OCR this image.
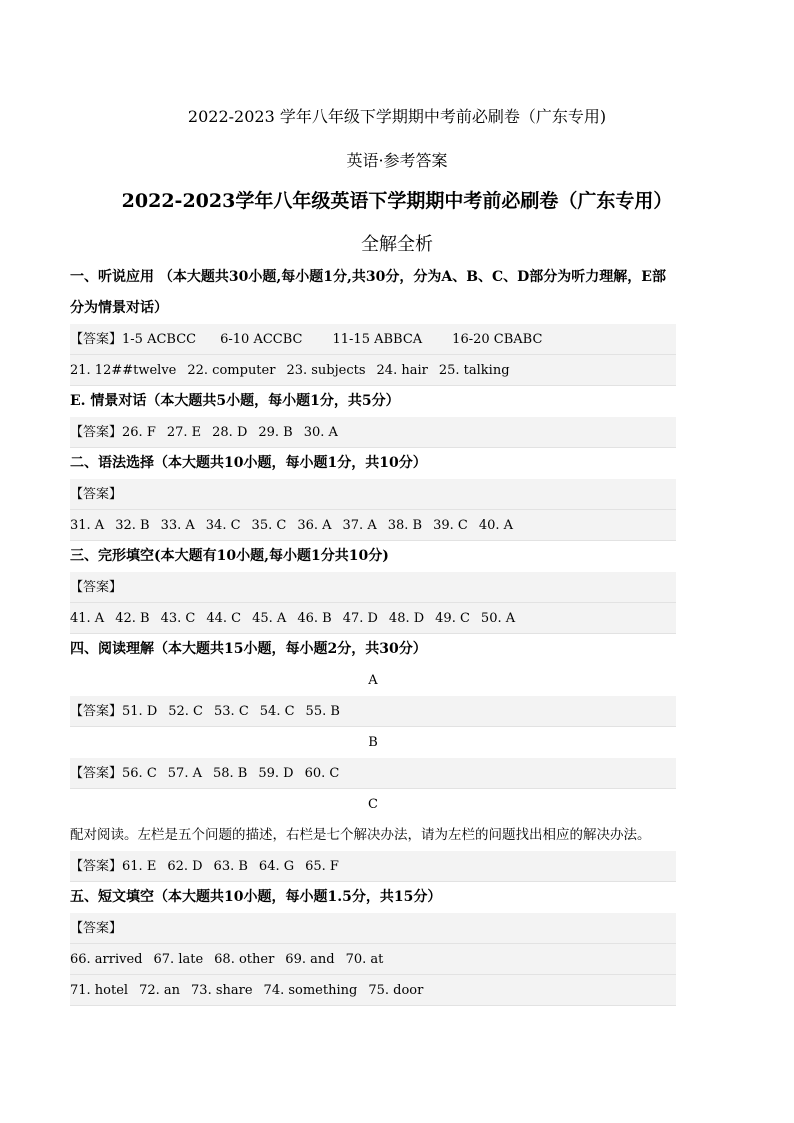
2022-2023 学年八年级下学期期中考前必刷卷（广东专用)
英语·参考答案
2022-2023学年八年级英语下学期期中考前必刷卷（广东专用）
全解全析
一、听说应用 （本大题共30小题,每小题1分,共30分，分为A、B、C、D部分为听力理解，E部分为情景对话）
【答案】1-5 ACBCC 6-10 ACCBC 11-15 ABBCA 16-20 CBABC
21. 12##twelve 22. computer 23. subjects 24. hair 25. talking
E. 情景对话（本大题共5小题，每小题1分，共5分）
【答案】26. F 27. E 28. D 29. B 30. A
二、语法选择（本大题共10小题，每小题1分，共10分）
【答案】
31. A 32. B 33. A 34. C 35. C 36. A 37. A 38. B 39. C 40. A
三、完形填空(本大题有10小题,每小题1分共10分)
【答案】
41. A 42. B 43. C 44. C 45. A 46. B 47. D 48. D 49. C 50. A
四、阅读理解（本大题共15小题，每小题2分，共30分）
A
【答案】51. D 52. C 53. C 54. C 55. B
B
【答案】56. C 57. A 58. B 59. D 60. C
C
配对阅读。左栏是五个问题的描述，右栏是七个解决办法，请为左栏的问题找出相应的解决办法。
【答案】61. E 62. D 63. B 64. G 65. F
五、短文填空（本大题共10小题，每小题1.5分，共15分）
【答案】
66. arrived 67. late 68. other 69. and 70. at
71. hotel 72. an 73. share 74. something 75. door
